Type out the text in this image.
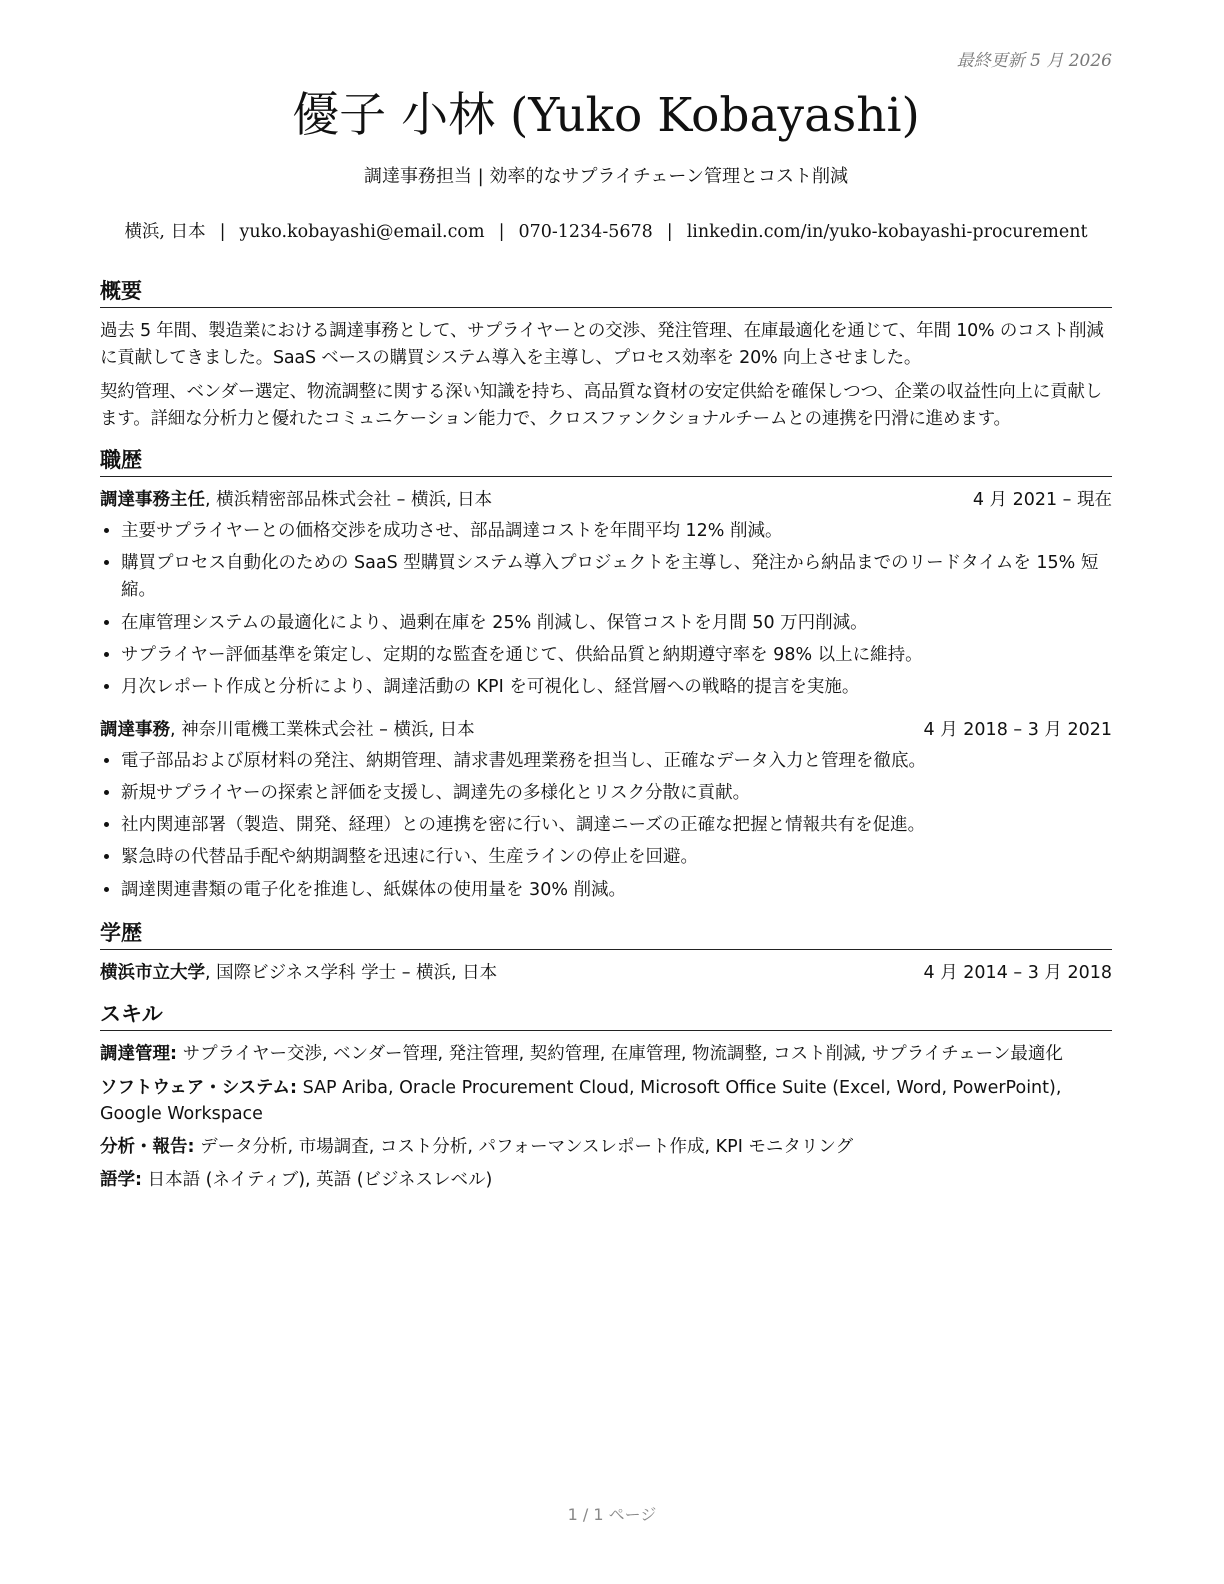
最終更新 5 月 2026
優子 小林 (Yuko Kobayashi)
調達事務担当 | 効率的なサプライチェーン管理とコスト削減
横浜, 日本 | yuko.kobayashi@email.com | 070-1234-5678 | linkedin.com/in/yuko-kobayashi-procurement
概要

過去 5 年間、製造業における調達事務として、サプライヤーとの交渉、発注管理、在庫最適化を通じて、年間 10% のコスト削減に貢献してきました。SaaS ベースの購買システム導入を主導し、プロセス効率を 20% 向上させました。

契約管理、ベンダー選定、物流調整に関する深い知識を持ち、高品質な資材の安定供給を確保しつつ、企業の収益性向上に貢献します。詳細な分析力と優れたコミュニケーション能力で、クロスファンクショナルチームとの連携を円滑に進めます。

職歴
調達事務主任, 横浜精密部品株式会社 – 横浜, 日本	4 月 2021 – 現在
• 主要サプライヤーとの価格交渉を成功させ、部品調達コストを年間平均 12% 削減。
• 購買プロセス自動化のための SaaS 型購買システム導入プロジェクトを主導し、発注から納品までのリードタイムを 15% 短縮。
• 在庫管理システムの最適化により、過剰在庫を 25% 削減し、保管コストを月間 50 万円削減。
• サプライヤー評価基準を策定し、定期的な監査を通じて、供給品質と納期遵守率を 98% 以上に維持。
• 月次レポート作成と分析により、調達活動の KPI を可視化し、経営層への戦略的提言を実施。
調達事務, 神奈川電機工業株式会社 – 横浜, 日本	4 月 2018 – 3 月 2021
• 電子部品および原材料の発注、納期管理、請求書処理業務を担当し、正確なデータ入力と管理を徹底。
• 新規サプライヤーの探索と評価を支援し、調達先の多様化とリスク分散に貢献。
• 社内関連部署（製造、開発、経理）との連携を密に行い、調達ニーズの正確な把握と情報共有を促進。
• 緊急時の代替品手配や納期調整を迅速に行い、生産ラインの停止を回避。
• 調達関連書類の電子化を推進し、紙媒体の使用量を 30% 削減。
学歴
横浜市立大学, 国際ビジネス学科 学士 – 横浜, 日本	4 月 2014 – 3 月 2018
スキル
調達管理: サプライヤー交渉, ベンダー管理, 発注管理, 契約管理, 在庫管理, 物流調整, コスト削減, サプライチェーン最適化
ソフトウェア・システム: SAP Ariba, Oracle Procurement Cloud, Microsoft Office Suite (Excel, Word, PowerPoint), Google Workspace
分析・報告: データ分析, 市場調査, コスト分析, パフォーマンスレポート作成, KPI モニタリング
語学: 日本語 (ネイティブ), 英語 (ビジネスレベル)
1 / 1 ページ
